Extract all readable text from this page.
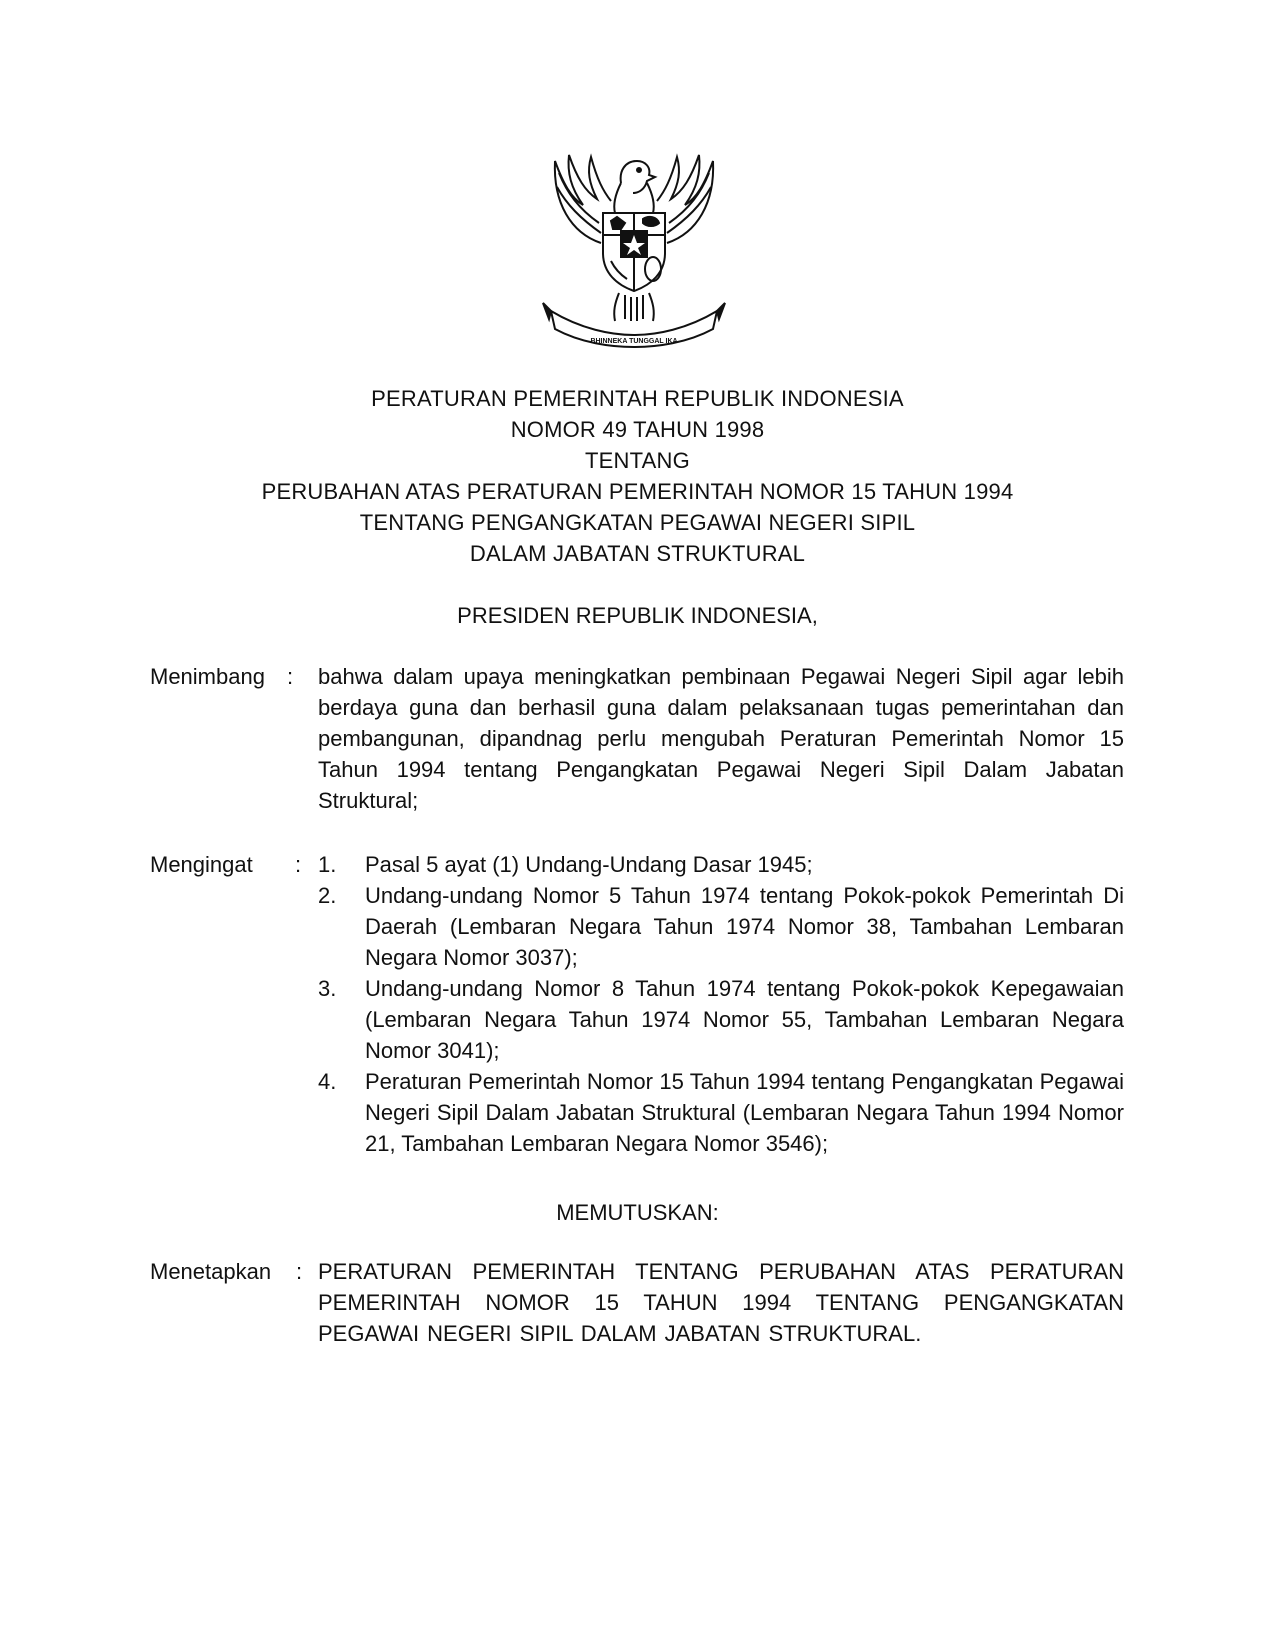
BHINNEKA TUNGGAL IKA
PERATURAN PEMERINTAH REPUBLIK INDONESIA
NOMOR 49 TAHUN 1998
TENTANG
PERUBAHAN ATAS PERATURAN PEMERINTAH NOMOR 15 TAHUN 1994
TENTANG PENGANGKATAN PEGAWAI NEGERI SIPIL
DALAM JABATAN STRUKTURAL
PRESIDEN REPUBLIK INDONESIA,
Menimbang : bahwa dalam upaya meningkatkan pembinaan Pegawai Negeri Sipil agar lebih berdaya guna dan berhasil guna dalam pelaksanaan tugas pemerintahan dan pembangunan, dipandnag perlu mengubah Peraturan Pemerintah Nomor 15 Tahun 1994 tentang Pengangkatan Pegawai Negeri Sipil Dalam Jabatan Struktural;

Mengingat : 1. Pasal 5 ayat (1) Undang-Undang Dasar 1945;
2. Undang-undang Nomor 5 Tahun 1974 tentang Pokok-pokok Pemerintah Di Daerah (Lembaran Negara Tahun 1974 Nomor 38, Tambahan Lembaran Negara Nomor 3037);
3. Undang-undang Nomor 8 Tahun 1974 tentang Pokok-pokok Kepegawaian (Lembaran Negara Tahun 1974 Nomor 55, Tambahan Lembaran Negara Nomor 3041);
4. Peraturan Pemerintah Nomor 15 Tahun 1994 tentang Pengangkatan Pegawai Negeri Sipil Dalam Jabatan Struktural (Lembaran Negara Tahun 1994 Nomor 21, Tambahan Lembaran Negara Nomor 3546);
MEMUTUSKAN:
Menetapkan : PERATURAN PEMERINTAH TENTANG PERUBAHAN ATAS PERATURAN PEMERINTAH NOMOR 15 TAHUN 1994 TENTANG PENGANGKATAN PEGAWAI NEGERI SIPIL DALAM JABATAN STRUKTURAL.
